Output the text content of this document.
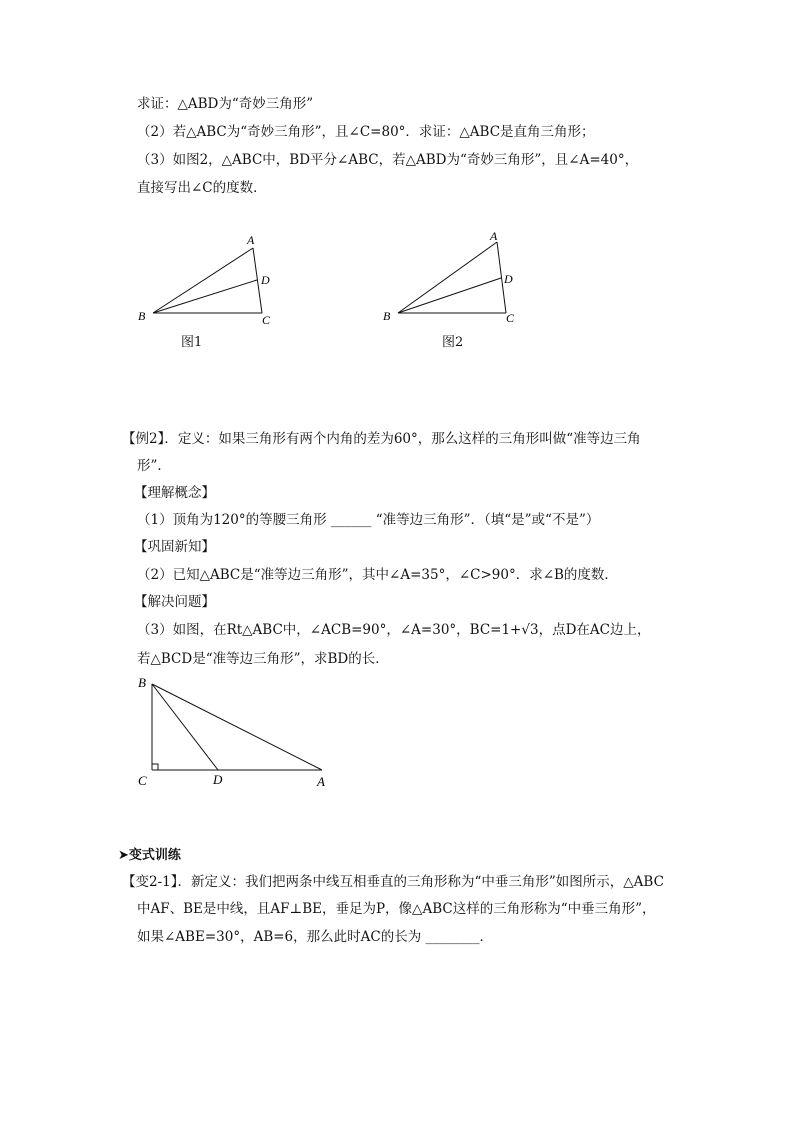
求证：△ABD为“奇妙三角形”
（2）若△ABC为“奇妙三角形”，且∠C=80°．求证：△ABC是直角三角形；
（3）如图2，△ABC中，BD平分∠ABC，若△ABD为“奇妙三角形”，且∠A=40°，
直接写出∠C的度数．
A
B	C
D
图1
A
B	C
D
图2
【例2】．定义：如果三角形有两个内角的差为60°，那么这样的三角形叫做“准等边三角
形”．
【理解概念】
（1）顶角为120°的等腰三角形 ______ “准等边三角形”．（填“是”或“不是”）
【巩固新知】
（2）已知△ABC是“准等边三角形”，其中∠A=35°，∠C>90°．求∠B的度数．
【解决问题】
（3）如图，在Rt△ABC中，∠ACB=90°，∠A=30°，BC=1+√3，点D在AC边上，
若△BCD是“准等边三角形”，求BD的长．
B
C	D	A
➤变式训练
【变2-1】．新定义：我们把两条中线互相垂直的三角形称为“中垂三角形”如图所示，△ABC
中AF、BE是中线，且AF⊥BE，垂足为P，像△ABC这样的三角形称为“中垂三角形”，
如果∠ABE=30°，AB=6，那么此时AC的长为 ________．
